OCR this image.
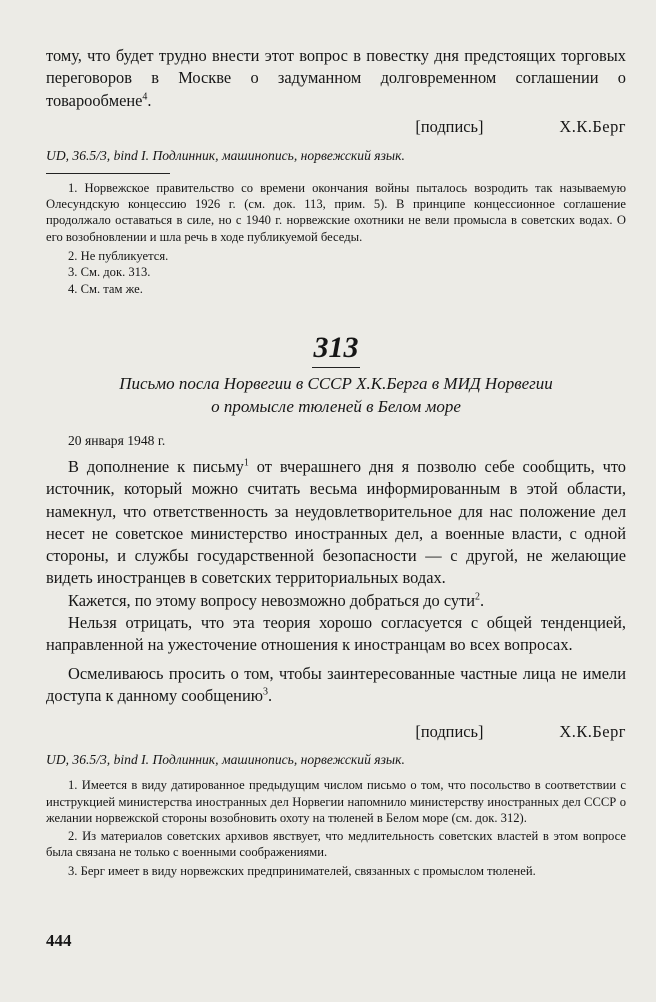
тому, что будет трудно внести этот вопрос в повестку дня предстоящих торговых переговоров в Москве о задуманном долговременном соглашении о товарообмене$^4$.

[подпись]	Х.К.Берг

UD, 36.5/3, bind I. Подлинник, машинопись, норвежский язык.

1. Норвежское правительство со времени окончания войны пыталось возродить так называемую Олесундскую концессию 1926 г. (см. док. 113, прим. 5). В принципе концессионное соглашение продолжало оставаться в силе, но с 1940 г. норвежские охотники не вели промысла в советских водах. О его возобновлении и шла речь в ходе публикуемой беседы.

2. Не публикуется.

3. См. док. 313.

4. См. там же.

313

Письмо посла Норвегии в СССР Х.К.Берга в МИД Норвегии

о промысле тюленей в Белом море

20 января 1948 г.

В дополнение к письму$^1$ от вчерашнего дня я позволю себе сообщить, что источник, который можно считать весьма информированным в этой области, намекнул, что ответственность за неудовлетворительное для нас положение дел несет не советское министерство иностранных дел, а военные власти, с одной стороны, и службы государственной безопасности — с другой, не желающие видеть иностранцев в советских территориальных водах.

Кажется, по этому вопросу невозможно добраться до сути$^2$.

Нельзя отрицать, что эта теория хорошо согласуется с общей тенденцией, направленной на ужесточение отношения к иностранцам во всех вопросах.

Осмеливаюсь просить о том, чтобы заинтересованные частные лица не имели доступа к данному сообщению$^3$.

[подпись]	Х.К.Берг

UD, 36.5/3, bind I. Подлинник, машинопись, норвежский язык.

1. Имеется в виду датированное предыдущим числом письмо о том, что посольство в соответствии с инструкцией министерства иностранных дел Норвегии напомнило министерству иностранных дел СССР о желании норвежской стороны возобновить охоту на тюленей в Белом море (см. док. 312).

2. Из материалов советских архивов явствует, что медлительность советских властей в этом вопросе была связана не только с военными соображениями.

3. Берг имеет в виду норвежских предпринимателей, связанных с промыслом тюленей.

444
